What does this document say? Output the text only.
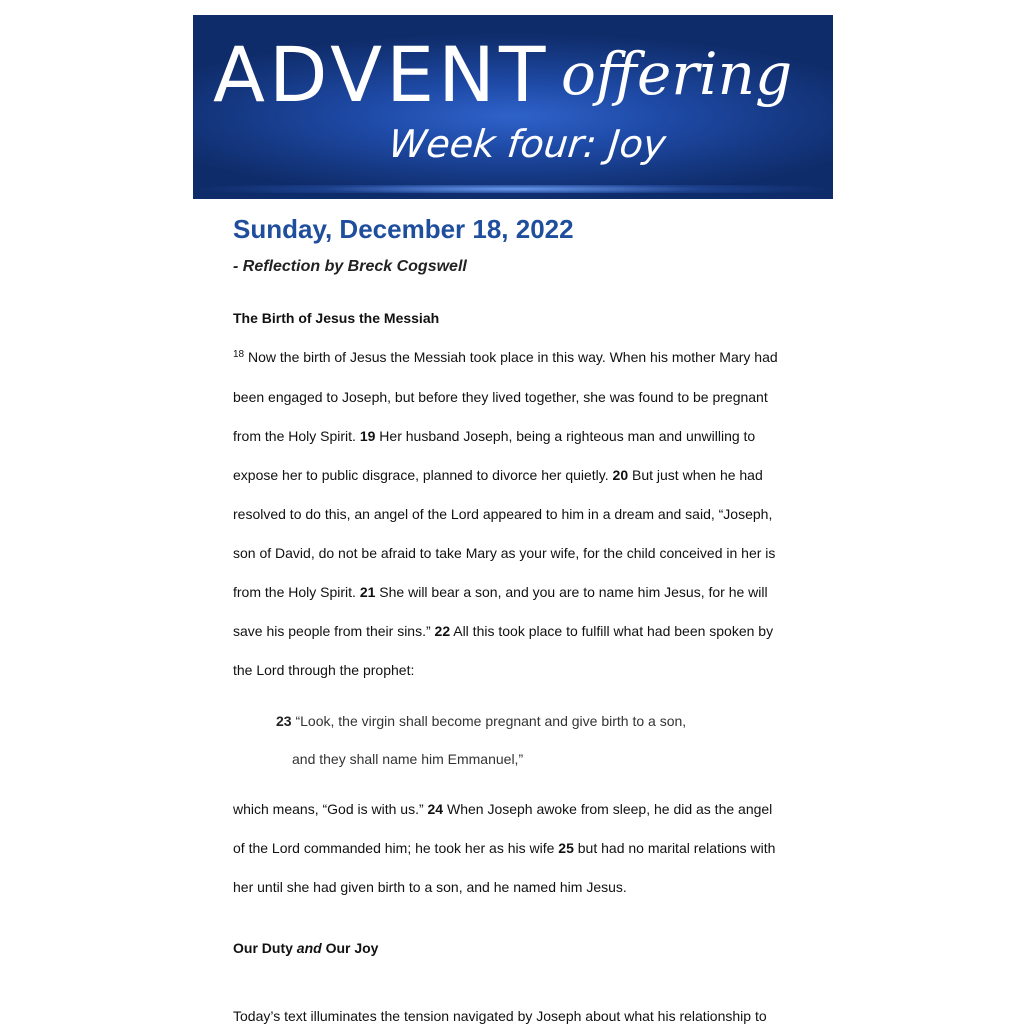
ADVENT offering
Week four: Joy
Sunday, December 18, 2022
- Reflection by Breck Cogswell
The Birth of Jesus the Messiah
$^{18}$ Now the birth of Jesus the Messiah took place in this way. When his mother Mary had
been engaged to Joseph, but before they lived together, she was found to be pregnant
from the Holy Spirit. 19 Her husband Joseph, being a righteous man and unwilling to
expose her to public disgrace, planned to divorce her quietly. 20 But just when he had
resolved to do this, an angel of the Lord appeared to him in a dream and said, “Joseph,
son of David, do not be afraid to take Mary as your wife, for the child conceived in her is
from the Holy Spirit. 21 She will bear a son, and you are to name him Jesus, for he will
save his people from their sins.” 22 All this took place to fulfill what had been spoken by
the Lord through the prophet:
23 “Look, the virgin shall become pregnant and give birth to a son,
and they shall name him Emmanuel,”
which means, “God is with us.” 24 When Joseph awoke from sleep, he did as the angel
of the Lord commanded him; he took her as his wife 25 but had no marital relations with
her until she had given birth to a son, and he named him Jesus.
Our Duty and Our Joy
Today’s text illuminates the tension navigated by Joseph about what his relationship to
